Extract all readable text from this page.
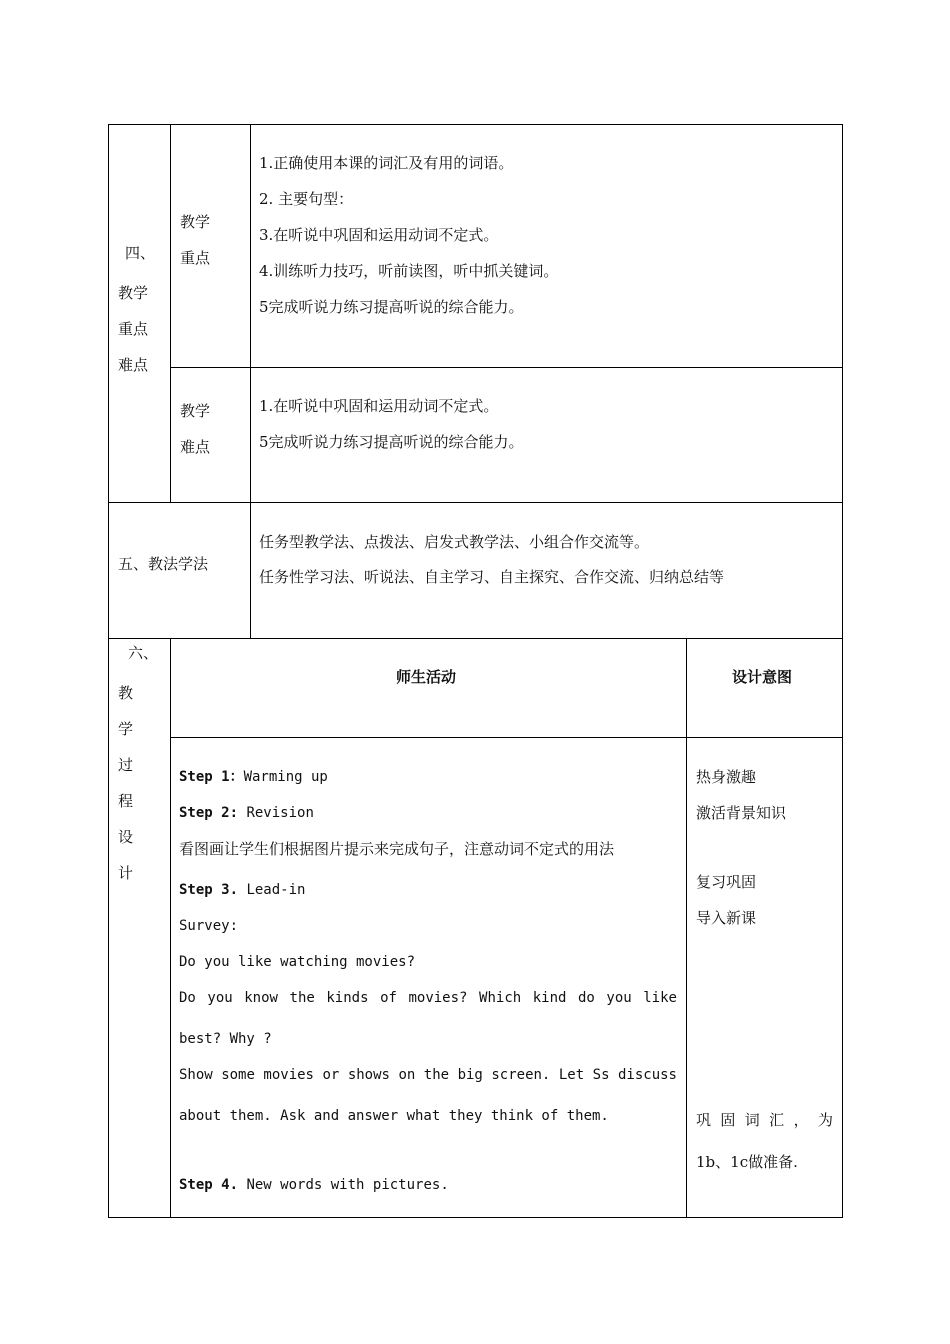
四、
教学
重点
难点
教学
重点
1.正确使用本课的词汇及有用的词语。
2. 主要句型：
3.在听说中巩固和运用动词不定式。
4.训练听力技巧，听前读图，听中抓关键词。
5完成听说力练习提高听说的综合能力。
教学
难点
1.在听说中巩固和运用动词不定式。
5完成听说力练习提高听说的综合能力。
五、教法学法
任务型教学法、点拨法、启发式教学法、小组合作交流等。
任务性学习法、听说法、自主学习、自主探究、合作交流、归纳总结等
六、
教
学
过
程
设
计
师生活动	设计意图
Step 1：Warming up
Step 2: Revision
看图画让学生们根据图片提示来完成句子，注意动词不定式的用法
Step 3. Lead-in
Survey:
Do you like watching movies?
Do you know the kinds of movies? Which kind do you like
best? Why ?
Show some movies or shows on the big screen. Let Ss discuss
about them. Ask and answer what they think of them.
Step 4. New words with pictures.
热身激趣
激活背景知识
复习巩固
导入新课
巩 固 词 汇 ， 为
1b、1c做准备.
